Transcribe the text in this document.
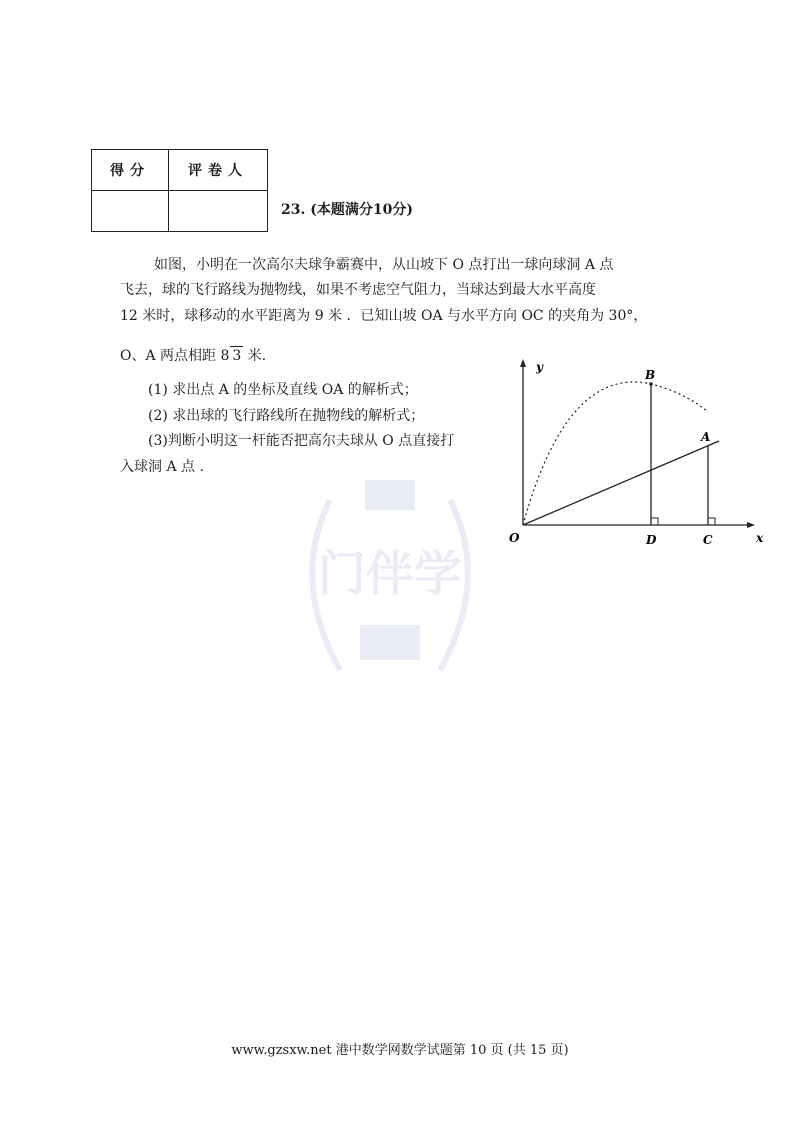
得分	评卷人

23. (本题满分10分)
如图，小明在一次高尔夫球争霸赛中，从山坡下 O 点打出一球向球洞 A 点
飞去，球的飞行路线为抛物线，如果不考虑空气阻力，当球达到最大水平高度
12 米时，球移动的水平距离为 9 米 ．已知山坡 OA 与水平方向 OC 的夹角为 30°，
O、A 两点相距 8 3 米．
(1) 求出点 A 的坐标及直线 OA 的解析式；
(2) 求出球的飞行路线所在抛物线的解析式；
(3)判断小明这一杆能否把高尔夫球从 O 点直接打
入球洞 A 点 .
门伴学
y
x
O
B
A
D	C
www.gzsxw.net 港中数学网数学试题第 10 页 (共 15 页)
